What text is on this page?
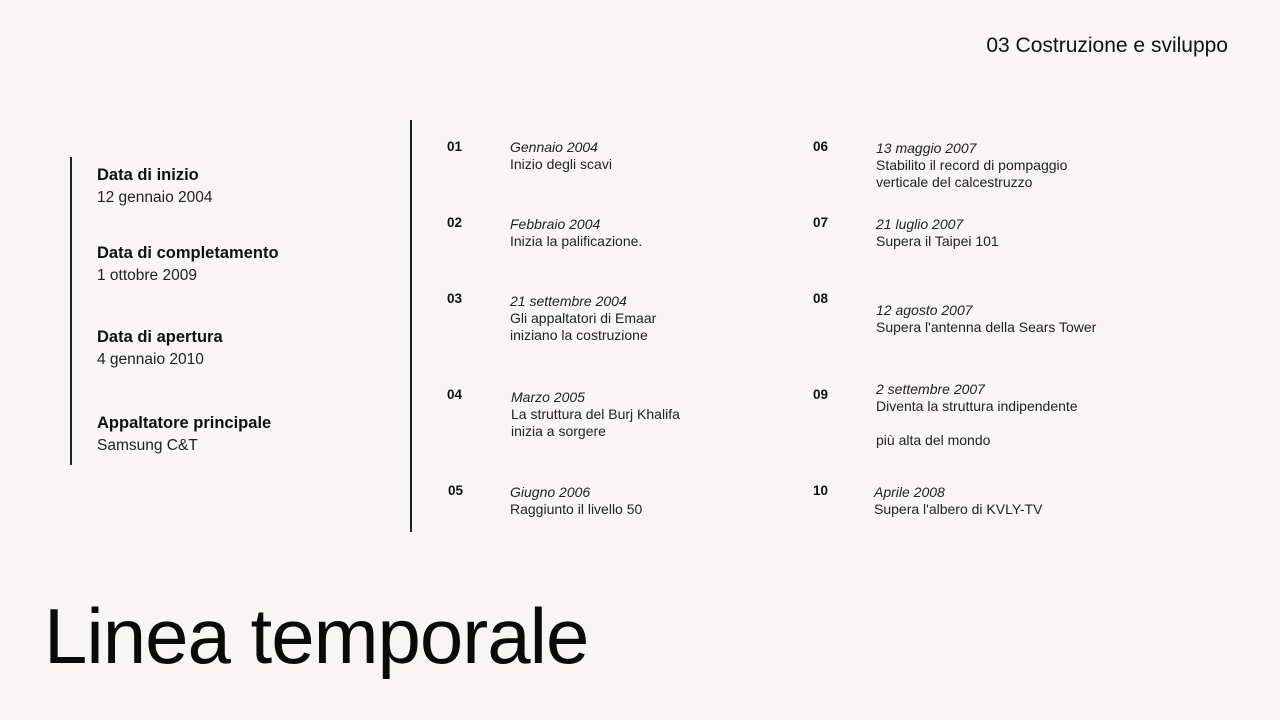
03 Costruzione e sviluppo
Data di inizio
12 gennaio 2004
Data di completamento
1 ottobre 2009
Data di apertura
4 gennaio 2010
Appaltatore principale
Samsung C&T
01	Gennaio 2004
Inizio degli scavi
02	Febbraio 2004
Inizia la palificazione.
03	21 settembre 2004
Gli appaltatori di Emaar
iniziano la costruzione
04	Marzo 2005
La struttura del Burj Khalifa
inizia a sorgere
05	Giugno 2006
Raggiunto il livello 50
06	13 maggio 2007
Stabilito il record di pompaggio
verticale del calcestruzzo
07	21 luglio 2007
Supera il Taipei 101
08
12 agosto 2007
Supera l'antenna della Sears Tower
09	2 settembre 2007
Diventa la struttura indipendente

più alta del mondo
10	Aprile 2008
Supera l'albero di KVLY-TV
Linea temporale
